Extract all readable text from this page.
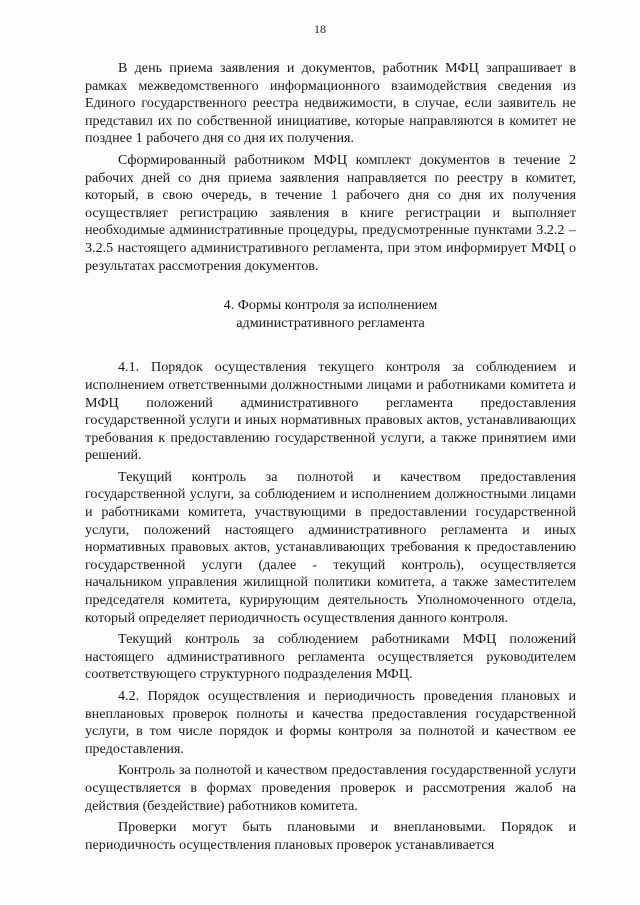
18

В день приема заявления и документов, работник МФЦ запрашивает в рамках межведомственного информационного взаимодействия сведения из Единого государственного реестра недвижимости, в случае, если заявитель не представил их по собственной инициативе, которые направляются в комитет не позднее 1 рабочего дня со дня их получения.

Сформированный работником МФЦ комплект документов в течение 2 рабочих дней со дня приема заявления направляется по реестру в комитет, который, в свою очередь, в течение 1 рабочего дня со дня их получения осуществляет регистрацию заявления в книге регистрации и выполняет необходимые административные процедуры, предусмотренные пунктами 3.2.2 – 3.2.5 настоящего административного регламента, при этом информирует МФЦ о результатах рассмотрения документов.

4. Формы контроля за исполнением
административного регламента

4.1. Порядок осуществления текущего контроля за соблюдением и исполнением ответственными должностными лицами и работниками комитета и МФЦ положений административного регламента предоставления государственной услуги и иных нормативных правовых актов, устанавливающих требования к предоставлению государственной услуги, а также принятием ими решений.

Текущий контроль за полнотой и качеством предоставления государственной услуги, за соблюдением и исполнением должностными лицами и работниками комитета, участвующими в предоставлении государственной услуги, положений настоящего административного регламента и иных нормативных правовых актов, устанавливающих требования к предоставлению государственной услуги (далее - текущий контроль), осуществляется начальником управления жилищной политики комитета, а также заместителем председателя комитета, курирующим деятельность Уполномоченного отдела, который определяет периодичность осуществления данного контроля.

Текущий контроль за соблюдением работниками МФЦ положений настоящего административного регламента осуществляется руководителем соответствующего структурного подразделения МФЦ.

4.2. Порядок осуществления и периодичность проведения плановых и внеплановых проверок полноты и качества предоставления государственной услуги, в том числе порядок и формы контроля за полнотой и качеством ее предоставления.

Контроль за полнотой и качеством предоставления государственной услуги осуществляется в формах проведения проверок и рассмотрения жалоб на действия (бездействие) работников комитета.

Проверки могут быть плановыми и внеплановыми. Порядок и периодичность осуществления плановых проверок устанавливается
